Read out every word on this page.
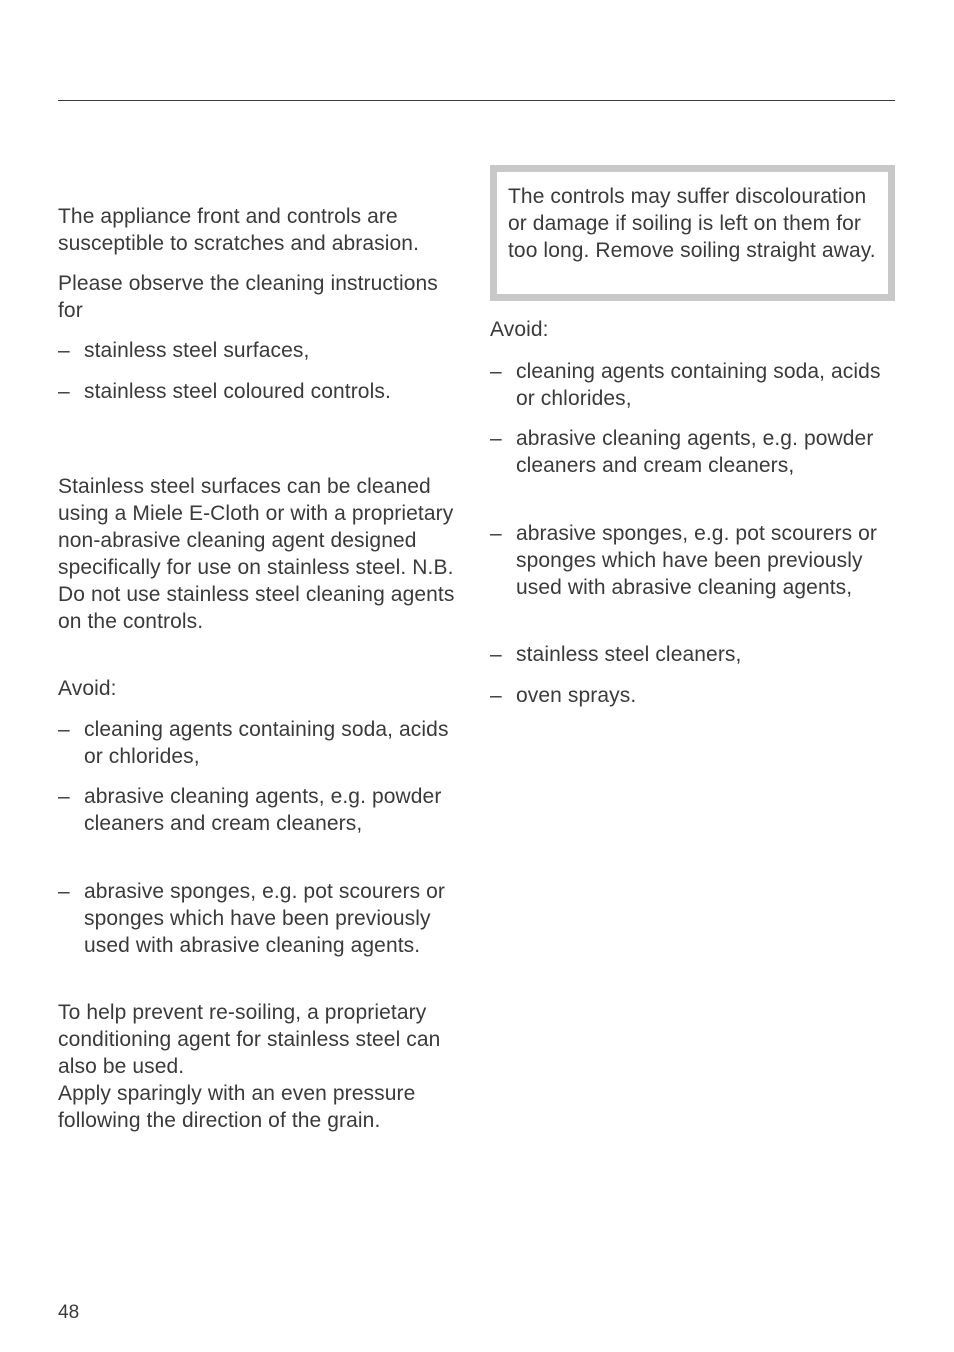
The appliance front and controls are susceptible to scratches and abrasion.

Please observe the cleaning instructions for

– stainless steel surfaces,
– stainless steel coloured controls.

Stainless steel surfaces can be cleaned using a Miele E-Cloth or with a proprietary non-abrasive cleaning agent designed specifically for use on stainless steel. N.B. Do not use stainless steel cleaning agents on the controls.

Avoid:

– cleaning agents containing soda, acids or chlorides,
– abrasive cleaning agents, e.g. powder cleaners and cream cleaners,
– abrasive sponges, e.g. pot scourers or sponges which have been previously used with abrasive cleaning agents.

To help prevent re-soiling, a proprietary conditioning agent for stainless steel can also be used.

Apply sparingly with an even pressure following the direction of the grain.

The controls may suffer discolouration or damage if soiling is left on them for too long. Remove soiling straight away.

Avoid:

– cleaning agents containing soda, acids or chlorides,
– abrasive cleaning agents, e.g. powder cleaners and cream cleaners,
– abrasive sponges, e.g. pot scourers or sponges which have been previously used with abrasive cleaning agents,
– stainless steel cleaners,
– oven sprays.
48
